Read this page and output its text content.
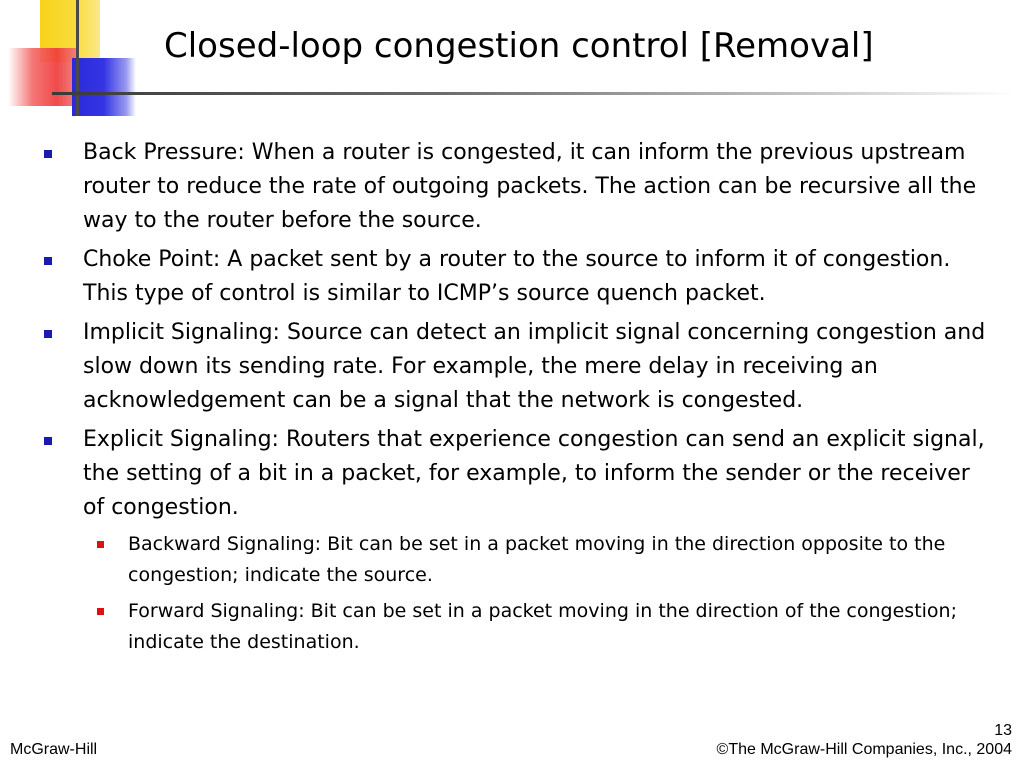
Closed-loop congestion control [Removal]
Back Pressure: When a router is congested, it can inform the previous upstream router to reduce the rate of outgoing packets. The action can be recursive all the way to the router before the source.
Choke Point: A packet sent by a router to the source to inform it of congestion. This type of control is similar to ICMP’s source quench packet.
Implicit Signaling: Source can detect an implicit signal concerning congestion and slow down its sending rate. For example, the mere delay in receiving an acknowledgement can be a signal that the network is congested.
Explicit Signaling: Routers that experience congestion can send an explicit signal, the setting of a bit in a packet, for example, to inform the sender or the receiver of congestion.
Backward Signaling: Bit can be set in a packet moving in the direction opposite to the congestion; indicate the source.
Forward Signaling: Bit can be set in a packet moving in the direction of the congestion; indicate the destination.
13
McGraw-Hill	©The McGraw-Hill Companies, Inc., 2004
